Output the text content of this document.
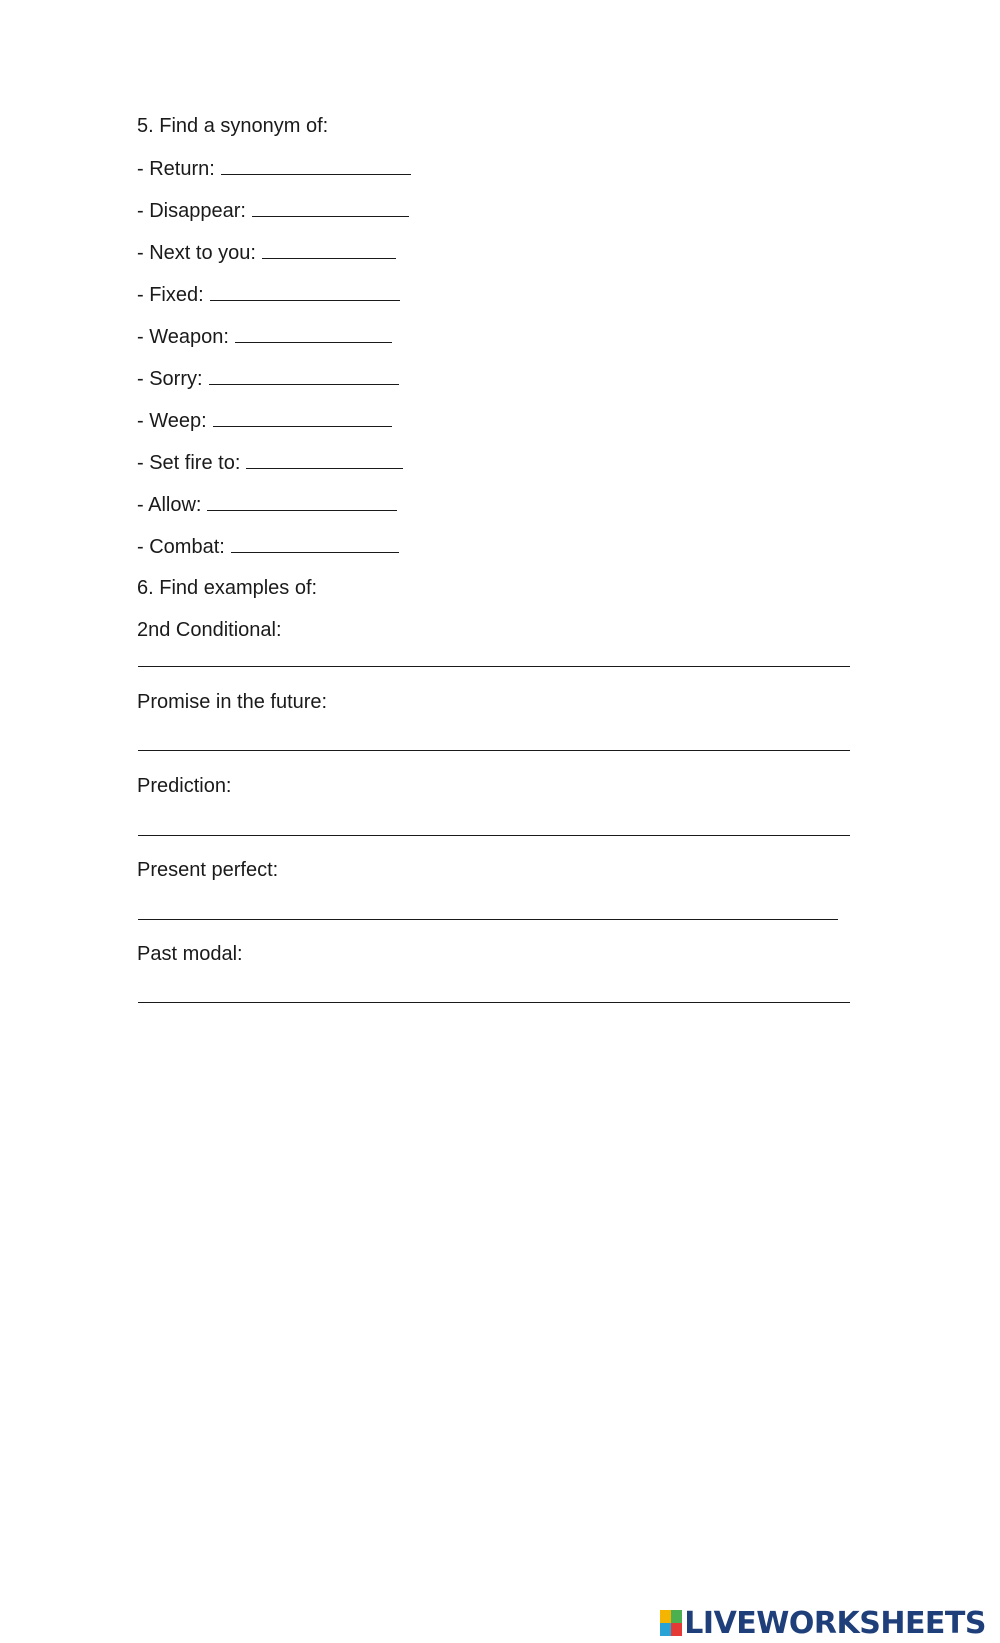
5. Find a synonym of:
- Return:
- Disappear:
- Next to you:
- Fixed:
- Weapon:
- Sorry:
- Weep:
- Set fire to:
- Allow:
- Combat:
6. Find examples of:
2nd Conditional:
Promise in the future:
Prediction:
Present perfect:
Past modal:
LIVEWORKSHEETS
